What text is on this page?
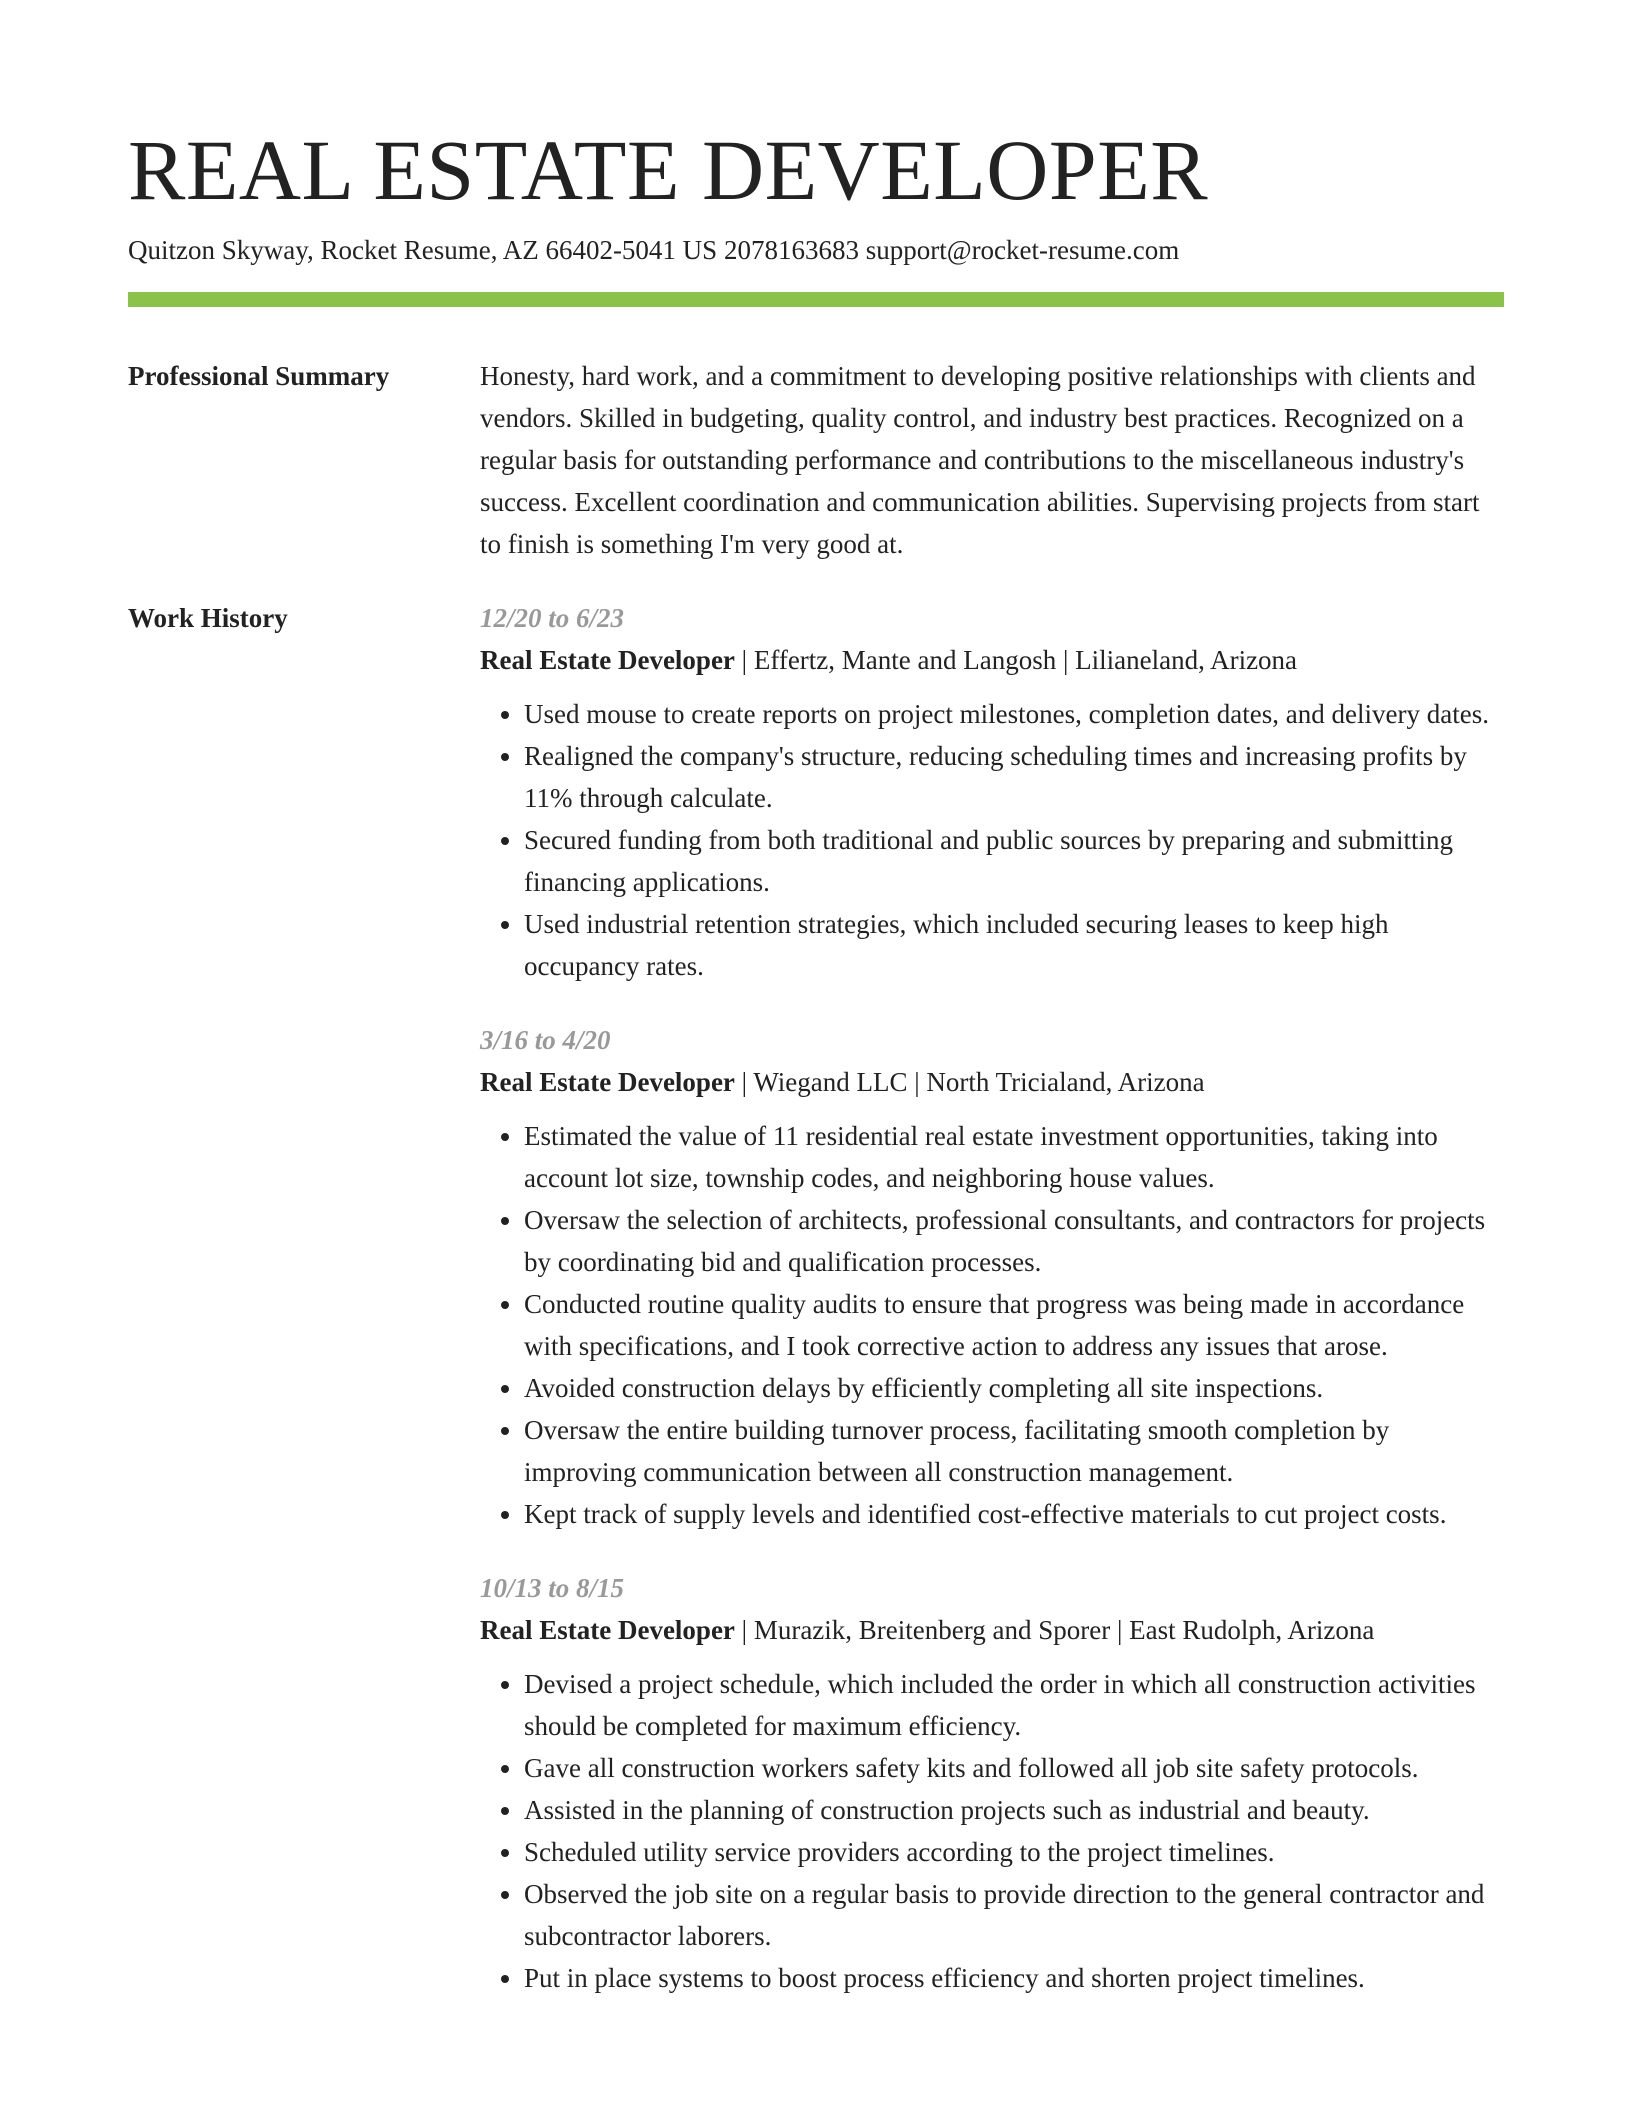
REAL ESTATE DEVELOPER
Quitzon Skyway, Rocket Resume, AZ 66402-5041 US 2078163683 support@rocket-resume.com
Professional Summary	Honesty, hard work, and a commitment to developing positive relationships with clients and vendors. Skilled in budgeting, quality control, and industry best practices. Recognized on a regular basis for outstanding performance and contributions to the miscellaneous industry's success. Excellent coordination and communication abilities. Supervising projects from start to finish is something I'm very good at.
Work History	12/20 to 6/23
Real Estate Developer | Effertz, Mante and Langosh | Lilianeland, Arizona
• Used mouse to create reports on project milestones, completion dates, and delivery dates.
• Realigned the company's structure, reducing scheduling times and increasing profits by 11% through calculate.
• Secured funding from both traditional and public sources by preparing and submitting financing applications.
• Used industrial retention strategies, which included securing leases to keep high occupancy rates.
3/16 to 4/20
Real Estate Developer | Wiegand LLC | North Tricialand, Arizona
• Estimated the value of 11 residential real estate investment opportunities, taking into account lot size, township codes, and neighboring house values.
• Oversaw the selection of architects, professional consultants, and contractors for projects by coordinating bid and qualification processes.
• Conducted routine quality audits to ensure that progress was being made in accordance with specifications, and I took corrective action to address any issues that arose.
• Avoided construction delays by efficiently completing all site inspections.
• Oversaw the entire building turnover process, facilitating smooth completion by improving communication between all construction management.
• Kept track of supply levels and identified cost-effective materials to cut project costs.
10/13 to 8/15
Real Estate Developer | Murazik, Breitenberg and Sporer | East Rudolph, Arizona
• Devised a project schedule, which included the order in which all construction activities should be completed for maximum efficiency.
• Gave all construction workers safety kits and followed all job site safety protocols.
• Assisted in the planning of construction projects such as industrial and beauty.
• Scheduled utility service providers according to the project timelines.
• Observed the job site on a regular basis to provide direction to the general contractor and subcontractor laborers.
• Put in place systems to boost process efficiency and shorten project timelines.
